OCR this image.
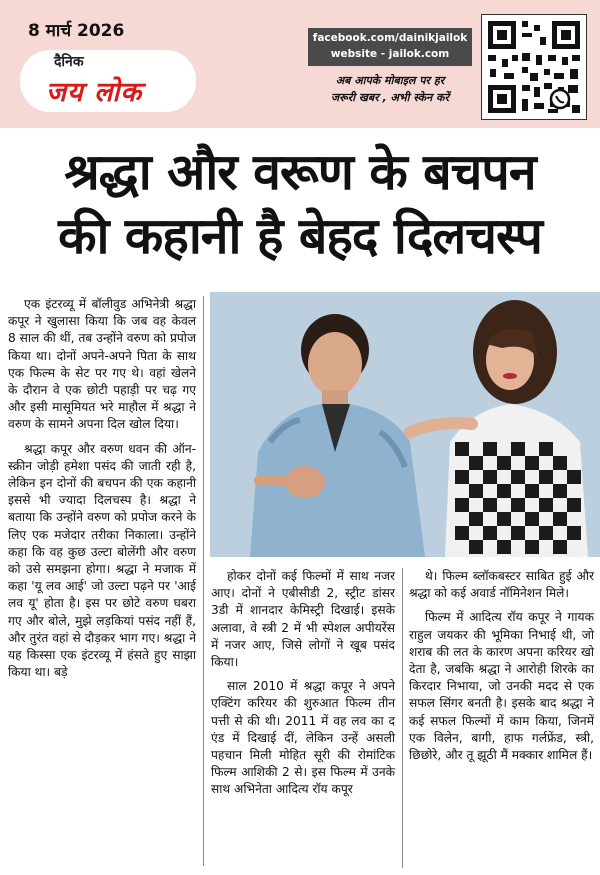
8 मार्च 2026
दैनिक
जय लोक
facebook.com/dainikjailok
website - jailok.com
अब आपके मोबाइल पर हर
जरूरी खबर , अभी स्केन करें
श्रद्धा और वरूण के बचपन
की कहानी है बेहद दिलचस्प

एक इंटरव्यू में बॉलीवुड अभिनेत्री श्रद्धा कपूर ने खुलासा किया कि जब वह केवल 8 साल की थीं, तब उन्होंने वरुण को प्रपोज किया था। दोनों अपने-अपने पिता के साथ एक फिल्म के सेट पर गए थे। वहां खेलने के दौरान वे एक छोटी पहाड़ी पर चढ़ गए और इसी मासूमियत भरे माहौल में श्रद्धा ने वरुण के सामने अपना दिल खोल दिया।

श्रद्धा कपूर और वरुण धवन की ऑन-स्क्रीन जोड़ी हमेशा पसंद की जाती रही है, लेकिन इन दोनों की बचपन की एक कहानी इससे भी ज्यादा दिलचस्प है। श्रद्धा ने बताया कि उन्होंने वरुण को प्रपोज करने के लिए एक मजेदार तरीका निकाला। उन्होंने कहा कि वह कुछ उल्टा बोलेंगी और वरुण को उसे समझना होगा। श्रद्धा ने मजाक में कहा 'यू लव आई' जो उल्टा पढ़ने पर 'आई लव यू' होता है। इस पर छोटे वरुण घबरा गए और बोले, मुझे लड़कियां पसंद नहीं हैं, और तुरंत वहां से दौड़कर भाग गए। श्रद्धा ने यह किस्सा एक इंटरव्यू में हंसते हुए साझा किया था। बड़े

होकर दोनों कई फिल्मों में साथ नजर आए। दोनों ने एबीसीडी 2, स्ट्रीट डांसर 3डी में शानदार केमिस्ट्री दिखाई। इसके अलावा, वे स्त्री 2 में भी स्पेशल अपीयरेंस में नजर आए, जिसे लोगों ने खूब पसंद किया।

साल 2010 में श्रद्धा कपूर ने अपने एक्टिंग करियर की शुरुआत फिल्म तीन पत्ती से की थी। 2011 में वह लव का द एंड में दिखाई दीं, लेकिन उन्हें असली पहचान मिली मोहित सूरी की रोमांटिक फिल्म आशिकी 2 से। इस फिल्म में उनके साथ अभिनेता आदित्य रॉय कपूर

थे। फिल्म ब्लॉकबस्टर साबित हुई और श्रद्धा को कई अवार्ड नॉमिनेशन मिले।

फिल्म में आदित्य रॉय कपूर ने गायक राहुल जयकर की भूमिका निभाई थी, जो शराब की लत के कारण अपना करियर खो देता है, जबकि श्रद्धा ने आरोही शिरके का किरदार निभाया, जो उनकी मदद से एक सफल सिंगर बनती है। इसके बाद श्रद्धा ने कई सफल फिल्मों में काम किया, जिनमें एक विलेन, बागी, हाफ गर्लफ्रेंड, स्त्री, छिछोरे, और तू झूठी मैं मक्कार शामिल हैं।
